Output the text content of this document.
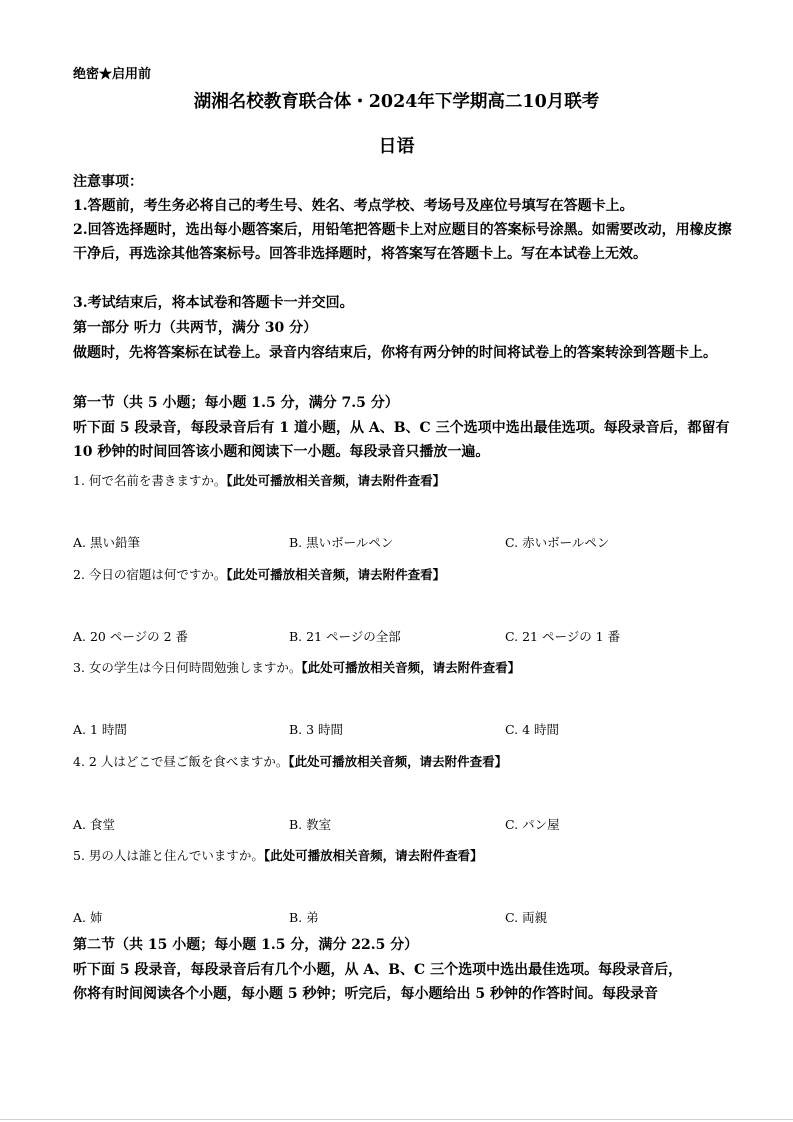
绝密★启用前
湖湘名校教育联合体・2024年下学期高二10月联考
日语
注意事项：
1.答题前，考生务必将自己的考生号、姓名、考点学校、考场号及座位号填写在答题卡上。
2.回答选择题时，选出每小题答案后，用铅笔把答题卡上对应题目的答案标号涂黑。如需要改动，用橡皮擦干净后，再选涂其他答案标号。回答非选择题时，将答案写在答题卡上。写在本试卷上无效。
3.考试结束后，将本试卷和答题卡一并交回。
第一部分 听力（共两节，满分 30 分）
做题时，先将答案标在试卷上。录音内容结束后，你将有两分钟的时间将试卷上的答案转涂到答题卡上。
第一节（共 5 小题；每小题 1.5 分，满分 7.5 分）
听下面 5 段录音，每段录音后有 1 道小题，从 A、B、C 三个选项中选出最佳选项。每段录音后，都留有 10 秒钟的时间回答该小题和阅读下一小题。每段录音只播放一遍。
1. 何で名前を書きますか。【此处可播放相关音频，请去附件查看】
A. 黒い鉛筆	B. 黒いボールペン	C. 赤いボールペン
2. 今日の宿題は何ですか。【此处可播放相关音频，请去附件查看】
A. 20 ページの 2 番	B. 21 ページの全部	C. 21 ページの 1 番
3. 女の学生は今日何時間勉強しますか。【此处可播放相关音频，请去附件查看】
A. 1 時間	B. 3 時間	C. 4 時間
4. 2 人はどこで昼ご飯を食べますか。【此处可播放相关音频，请去附件查看】
A. 食堂	B. 教室	C. パン屋
5. 男の人は誰と住んでいますか。【此处可播放相关音频，请去附件查看】
A. 姉	B. 弟	C. 両親
第二节（共 15 小题；每小题 1.5 分，满分 22.5 分）
听下面 5 段录音，每段录音后有几个小题，从 A、B、C 三个选项中选出最佳选项。每段录音后，
你将有时间阅读各个小题，每小题 5 秒钟；听完后，每小题给出 5 秒钟的作答时间。每段录音
